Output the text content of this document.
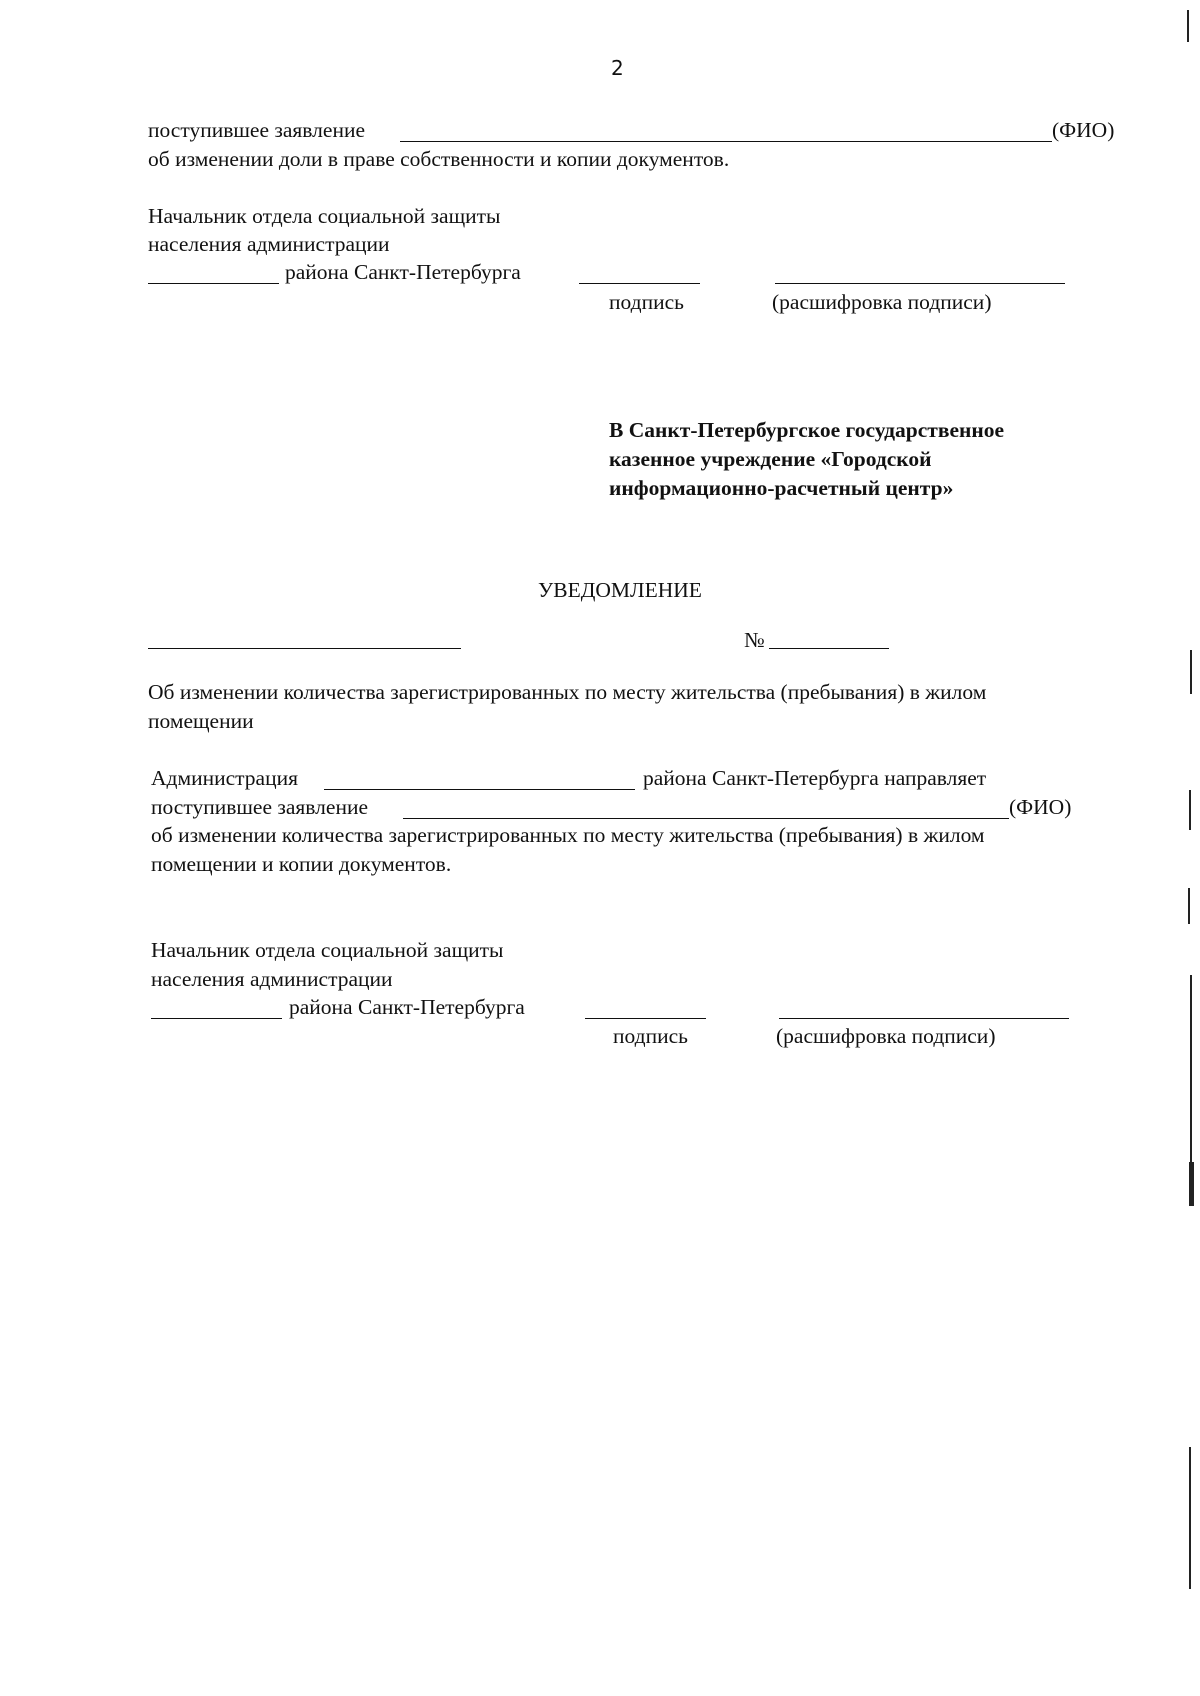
2
поступившее заявление	(ФИО)
об изменении доли в праве собственности и копии документов.
Начальник отдела социальной защиты
населения администрации
района Санкт-Петербурга
подпись	(расшифровка подписи)
В Санкт-Петербургское государственное
казенное учреждение «Городской
информационно-расчетный центр»
УВЕДОМЛЕНИЕ
№
Об изменении количества зарегистрированных по месту жительства (пребывания) в жилом
помещении
Администрация	района Санкт-Петербурга направляет
поступившее заявление	(ФИО)
об изменении количества зарегистрированных по месту жительства (пребывания) в жилом
помещении и копии документов.
Начальник отдела социальной защиты
населения администрации
района Санкт-Петербурга
подпись	(расшифровка подписи)
